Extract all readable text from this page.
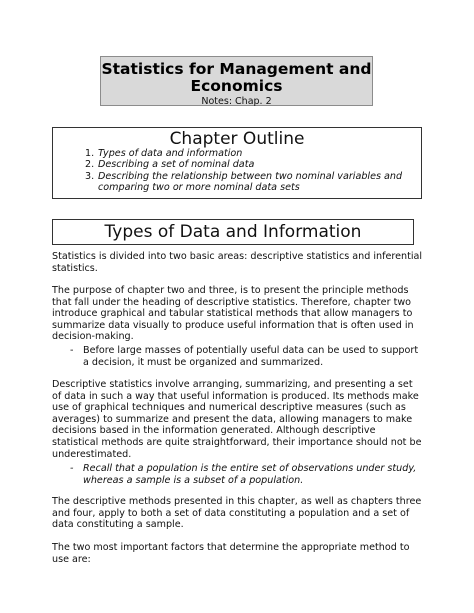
Statistics for Management and Economics
Notes: Chap. 2
Chapter Outline
1. Types of data and information
2. Describing a set of nominal data
3. Describing the relationship between two nominal variables and comparing two or more nominal data sets
Types of Data and Information

Statistics is divided into two basic areas: descriptive statistics and inferential statistics.

The purpose of chapter two and three, is to present the principle methods that fall under the heading of descriptive statistics. Therefore, chapter two introduce graphical and tabular statistical methods that allow managers to summarize data visually to produce useful information that is often used in decision-making.

- Before large masses of potentially useful data can be used to support a decision, it must be organized and summarized.

Descriptive statistics involve arranging, summarizing, and presenting a set of data in such a way that useful information is produced. Its methods make use of graphical techniques and numerical descriptive measures (such as averages) to summarize and present the data, allowing managers to make decisions based in the information generated. Although descriptive statistical methods are quite straightforward, their importance should not be underestimated.

- Recall that a population is the entire set of observations under study, whereas a sample is a subset of a population.

The descriptive methods presented in this chapter, as well as chapters three and four, apply to both a set of data constituting a population and a set of data constituting a sample.

The two most important factors that determine the appropriate method to use are:
